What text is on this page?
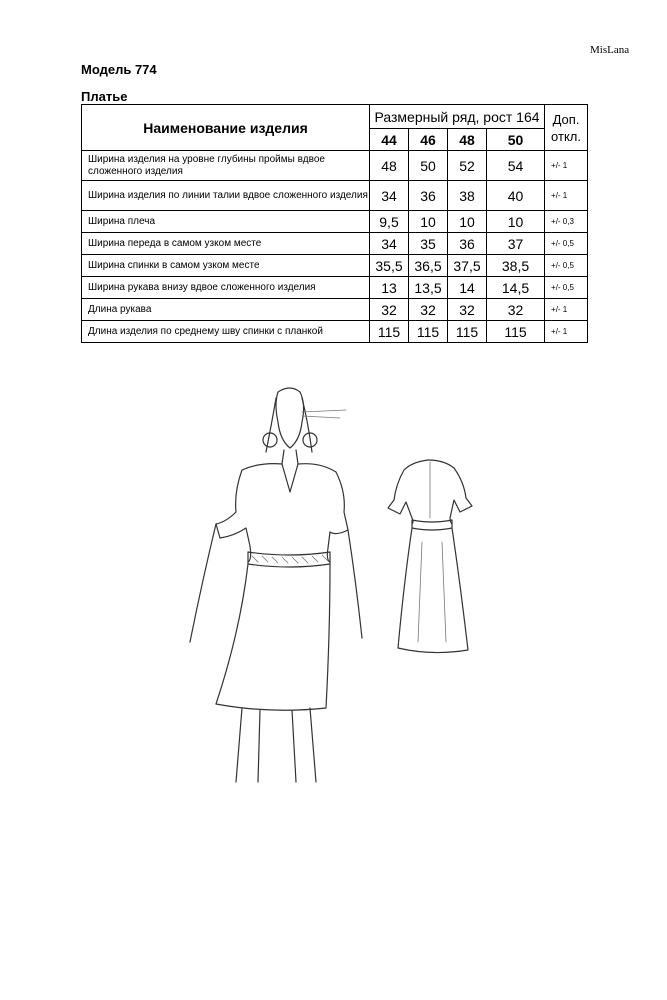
MisLana
Модель 774
Платье
Наименование изделия	Размерный ряд, рост 164				Доп.
откл.

	44	46	48	50	
Ширина изделия на уровне глубины проймы вдвое сложенного изделия	48	50	52	54	+/- 1
Ширина изделия по линии талии вдвое сложенного изделия	34	36	38	40	+/- 1
Ширина плеча	9,5	10	10	10	+/- 0,3
Ширина переда в самом узком месте	34	35	36	37	+/- 0,5
Ширина спинки в самом узком месте	35,5	36,5	37,5	38,5	+/- 0,5
Ширина рукава внизу вдвое сложенного изделия	13	13,5	14	14,5	+/- 0,5
Длина рукава	32	32	32	32	+/- 1
Длина изделия по среднему шву спинки с планкой	115	115	115	115	+/- 1
